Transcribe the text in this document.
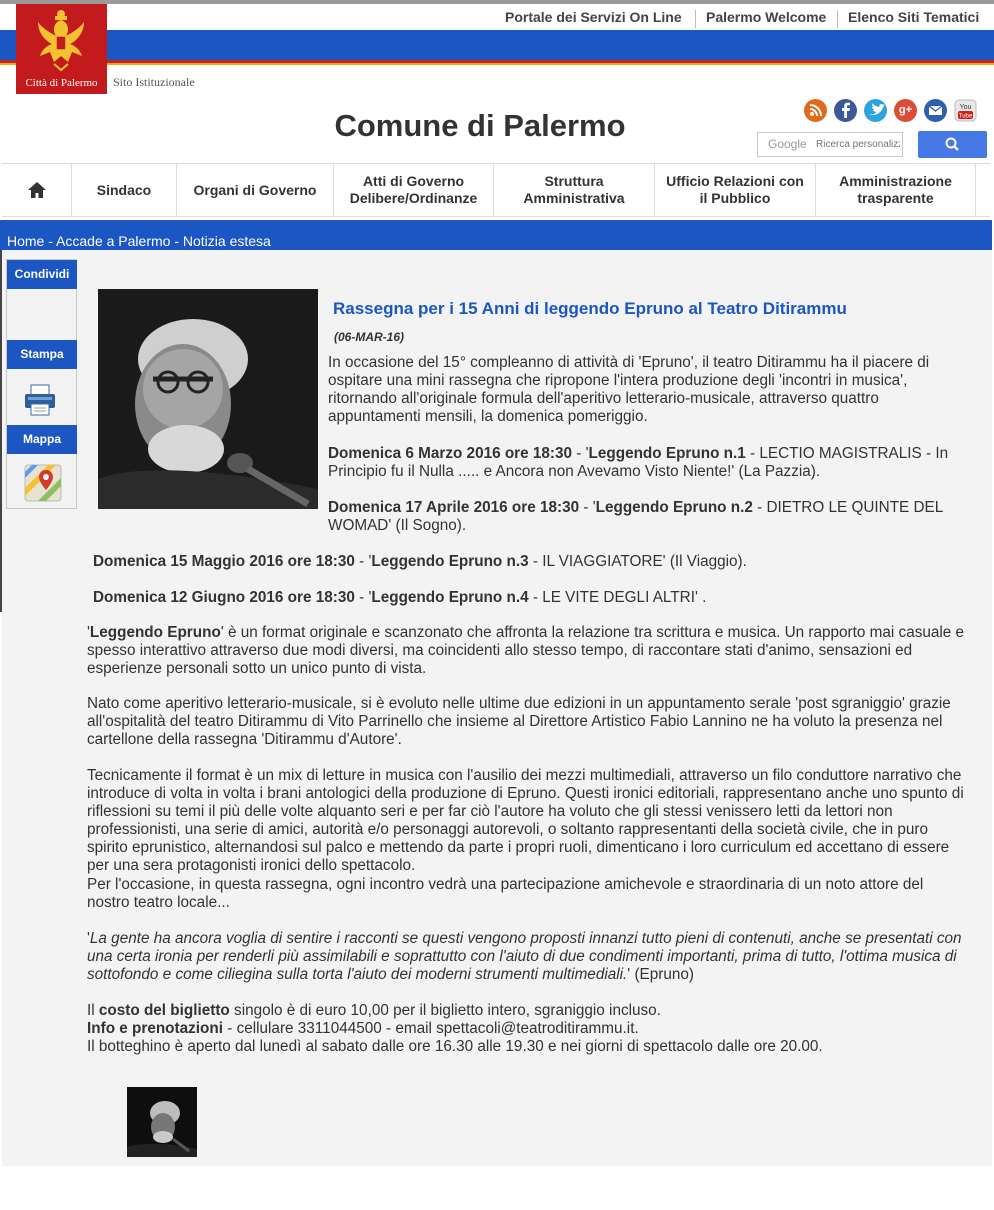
Portale dei Servizi On Line Palermo Welcome Elenco Siti Tematici
Città di Palermo	Sito Istituzionale
Comune di Palermo	g+	You
Tube
Google
Ricerca personalizzata
Sindaco	Organi di Governo
Atti di Governo Delibere/Ordinanze
Struttura Amministrativa
Ufficio Relazioni con il Pubblico
Amministrazione trasparente
Home - Accade a Palermo - Notizia estesa
Condividi
Stampa
Mappa
Rassegna per i 15 Anni di leggendo Epruno al Teatro Ditirammu
(06-MAR-16)
In occasione del 15° compleanno di attività di 'Epruno', il teatro Ditirammu ha il piacere di ospitare una mini rassegna che ripropone l'intera produzione degli 'incontri in musica', ritornando all'originale formula dell'aperitivo letterario-musicale, attraverso quattro appuntamenti mensili, la domenica pomeriggio.
Domenica 6 Marzo 2016 ore 18:30 - 'Leggendo Epruno n.1 - LECTIO MAGISTRALIS - In Principio fu il Nulla ..... e Ancora non Avevamo Visto Niente!' (La Pazzia).
Domenica 17 Aprile 2016 ore 18:30 - 'Leggendo Epruno n.2 - DIETRO LE QUINTE DEL WOMAD' (Il Sogno).
Domenica 15 Maggio 2016 ore 18:30 - 'Leggendo Epruno n.3 - IL VIAGGIATORE' (Il Viaggio).
Domenica 12 Giugno 2016 ore 18:30 - 'Leggendo Epruno n.4 - LE VITE DEGLI ALTRI' .
'Leggendo Epruno' è un format originale e scanzonato che affronta la relazione tra scrittura e musica. Un rapporto mai casuale e spesso interattivo attraverso due modi diversi, ma coincidenti allo stesso tempo, di raccontare stati d'animo, sensazioni ed esperienze personali sotto un unico punto di vista.
Nato come aperitivo letterario-musicale, si è evoluto nelle ultime due edizioni in un appuntamento serale 'post sgraniggio' grazie all'ospitalità del teatro Ditirammu di Vito Parrinello che insieme al Direttore Artistico Fabio Lannino ne ha voluto la presenza nel cartellone della rassegna 'Ditirammu d'Autore'.
Tecnicamente il format è un mix di letture in musica con l'ausilio dei mezzi multimediali, attraverso un filo conduttore narrativo che introduce di volta in volta i brani antologici della produzione di Epruno. Questi ironici editoriali, rappresentano anche uno spunto di riflessioni su temi il più delle volte alquanto seri e per far ciò l'autore ha voluto che gli stessi venissero letti da lettori non professionisti, una serie di amici, autorità e/o personaggi autorevoli, o soltanto rappresentanti della società civile, che in puro spirito eprunistico, alternandosi sul palco e mettendo da parte i propri ruoli, dimenticano i loro curriculum ed accettano di essere per una sera protagonisti ironici dello spettacolo.
Per l'occasione, in questa rassegna, ogni incontro vedrà una partecipazione amichevole e straordinaria di un noto attore del nostro teatro locale...
'La gente ha ancora voglia di sentire i racconti se questi vengono proposti innanzi tutto pieni di contenuti, anche se presentati con una certa ironia per renderli più assimilabili e soprattutto con l'aiuto di due condimenti importanti, prima di tutto, l'ottima musica di sottofondo e come ciliegina sulla torta l'aiuto dei moderni strumenti multimediali.' (Epruno)
Il costo del biglietto singolo è di euro 10,00 per il biglietto intero, sgraniggio incluso.
Info e prenotazioni - cellulare 3311044500 - email spettacoli@teatroditirammu.it.
Il botteghino è aperto dal lunedì al sabato dalle ore 16.30 alle 19.30 e nei giorni di spettacolo dalle ore 20.00.
